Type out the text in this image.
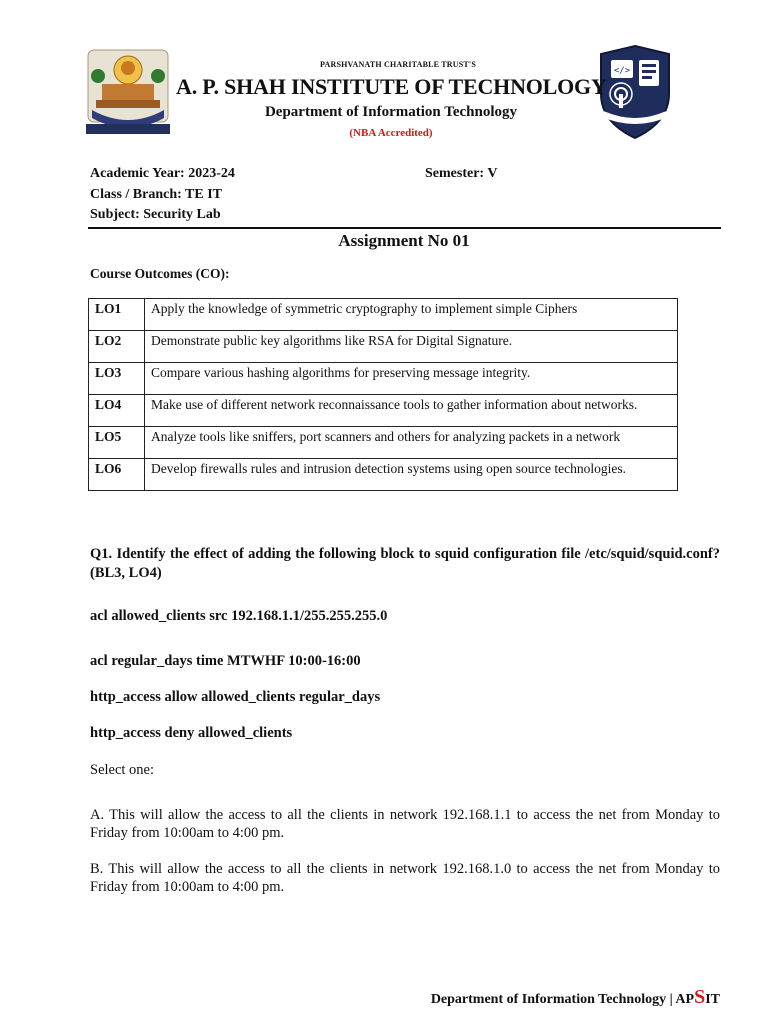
</>
PARSHVANATH CHARITABLE TRUST'S
A. P. SHAH INSTITUTE OF TECHNOLOGY
Department of Information Technology
(NBA Accredited)
Academic Year: 2023-24	Semester: V
Class / Branch: TE IT
Subject: Security Lab
Assignment No 01
Course Outcomes (CO):
LO1	Apply the knowledge of symmetric cryptography to implement simple Ciphers
LO2	Demonstrate public key algorithms like RSA for Digital Signature.
LO3	Compare various hashing algorithms for preserving message integrity.
LO4	Make use of different network reconnaissance tools to gather information about networks.
LO5	Analyze tools like sniffers, port scanners and others for analyzing packets in a network
LO6	Develop firewalls rules and intrusion detection systems using open source technologies.
Q1. Identify the effect of adding the following block to squid configuration file /etc/squid/squid.conf? (BL3, LO4)
acl allowed_clients src 192.168.1.1/255.255.255.0
acl regular_days time MTWHF 10:00-16:00
http_access allow allowed_clients regular_days
http_access deny allowed_clients
Select one:
A. This will allow the access to all the clients in network 192.168.1.1 to access the net from Monday to Friday from 10:00am to 4:00 pm.
B. This will allow the access to all the clients in network 192.168.1.0 to access the net from Monday to Friday from 10:00am to 4:00 pm.
Department of Information Technology | APSIT
